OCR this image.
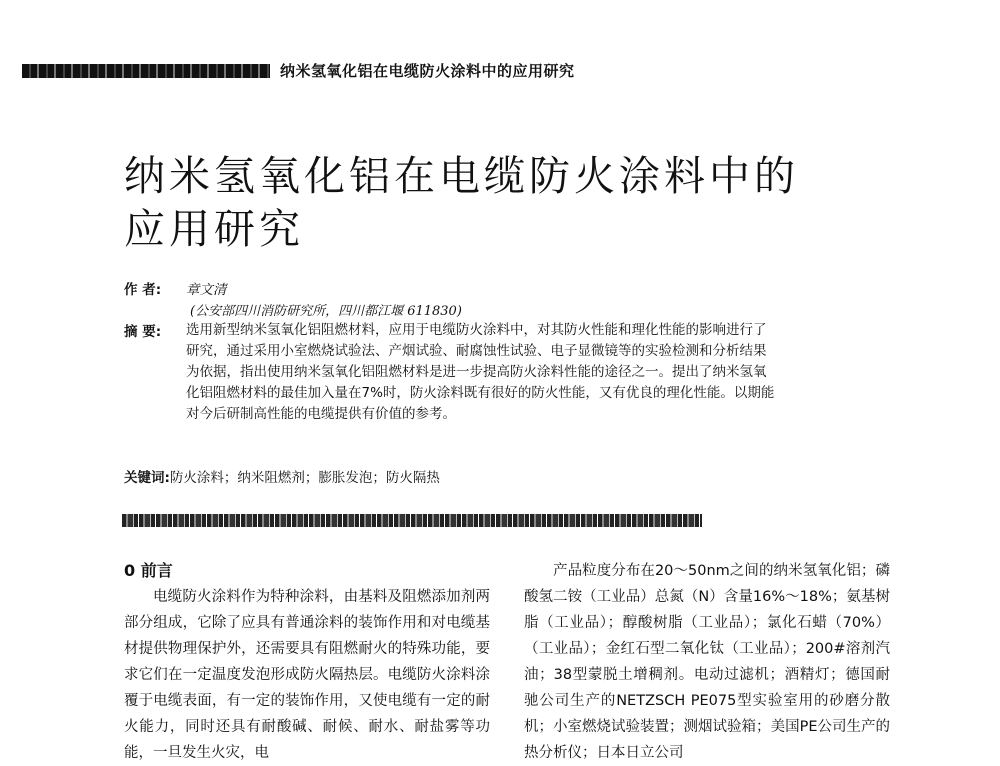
纳米氢氧化铝在电缆防火涂料中的应用研究
纳米氢氧化铝在电缆防火涂料中的应用研究
作 者: 章文清
(公安部四川消防研究所，四川都江堰 611830)
摘 要: 选用新型纳米氢氧化铝阻燃材料，应用于电缆防火涂料中，对其防火性能和理化性能的影响进行了研究，通过采用小室燃烧试验法、产烟试验、耐腐蚀性试验、电子显微镜等的实验检测和分析结果为依据，指出使用纳米氢氧化铝阻燃材料是进一步提高防火涂料性能的途径之一。提出了纳米氢氧化铝阻燃材料的最佳加入量在7%时，防火涂料既有很好的防火性能，又有优良的理化性能。以期能对今后研制高性能的电缆提供有价值的参考。
关键词:防火涂料；纳米阻燃剂；膨胀发泡；防火隔热

0 前言

电缆防火涂料作为特种涂料，由基料及阻燃添加剂两部分组成，它除了应具有普通涂料的装饰作用和对电缆基材提供物理保护外，还需要具有阻燃耐火的特殊功能，要求它们在一定温度发泡形成防火隔热层。电缆防火涂料涂覆于电缆表面，有一定的装饰作用，又使电缆有一定的耐火能力，同时还具有耐酸碱、耐候、耐水、耐盐雾等功能，一旦发生火灾，电

产品粒度分布在20～50nm之间的纳米氢氧化铝；磷酸氢二铵（工业品）总氮（N）含量16%～18%；氨基树脂（工业品）；醇酸树脂（工业品）；氯化石蜡（70%）（工业品）；金红石型二氧化钛（工业品）；200#溶剂汽油；38型蒙脱土增稠剂。电动过滤机；酒精灯；德国耐驰公司生产的NETZSCH PE075型实验室用的砂磨分散机；小室燃烧试验装置；测烟试验箱；美国PE公司生产的热分析仪；日本日立公司
